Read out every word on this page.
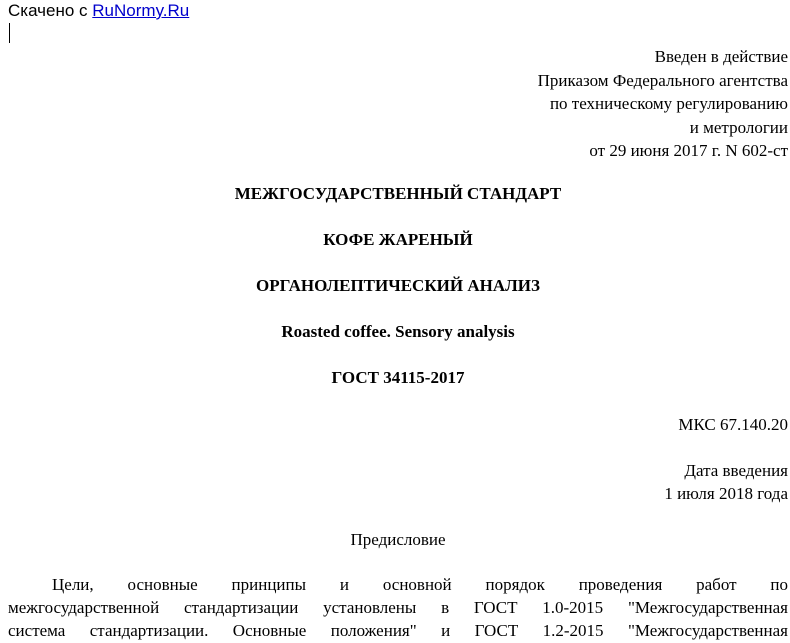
Скачено с RuNormy.Ru
Введен в действие
Приказом Федерального агентства
по техническому регулированию
и метрологии
от 29 июня 2017 г. N 602-ст
МЕЖГОСУДАРСТВЕННЫЙ СТАНДАРТ
КОФЕ ЖАРЕНЫЙ
ОРГАНОЛЕПТИЧЕСКИЙ АНАЛИЗ
Roasted coffee. Sensory analysis
ГОСТ 34115-2017
МКС 67.140.20
Дата введения
1 июля 2018 года
Предисловие
Цели, основные принципы и основной порядок проведения работ по
межгосударственной стандартизации установлены в ГОСТ 1.0-2015 "Межгосударственная
система стандартизации. Основные положения" и ГОСТ 1.2-2015 "Межгосударственная
